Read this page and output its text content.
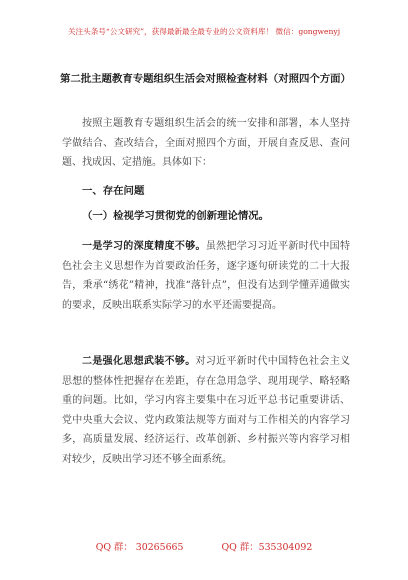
关注头条号“公文研究”，获得最新最全最专业的公文资料库！ 微信：gongwenyj
第二批主题教育专题组织生活会对照检查材料（对照四个方面）
按照主题教育专题组织生活会的统一安排和部署，本人坚持学做结合、查改结合，全面对照四个方面，开展自查反思、查问题、找成因、定措施。具体如下：
一、存在问题
（一）检视学习贯彻党的创新理论情况。
一是学习的深度精度不够。虽然把学习习近平新时代中国特色社会主义思想作为首要政治任务，逐字逐句研读党的二十大报告，秉承“绣花”精神，找准“落针点”，但没有达到学懂弄通做实的要求，反映出联系实际学习的水平还需要提高。
二是强化思想武装不够。对习近平新时代中国特色社会主义思想的整体性把握存在差距，存在急用急学、现用现学、略轻略重的问题。比如，学习内容主要集中在习近平总书记重要讲话、党中央重大会议、党内政策法规等方面对与工作相关的内容学习多，高质量发展、经济运行、改革创新、乡村振兴等内容学习相对较少，反映出学习还不够全面系统。
QQ 群： 30265665	QQ 群：535304092
